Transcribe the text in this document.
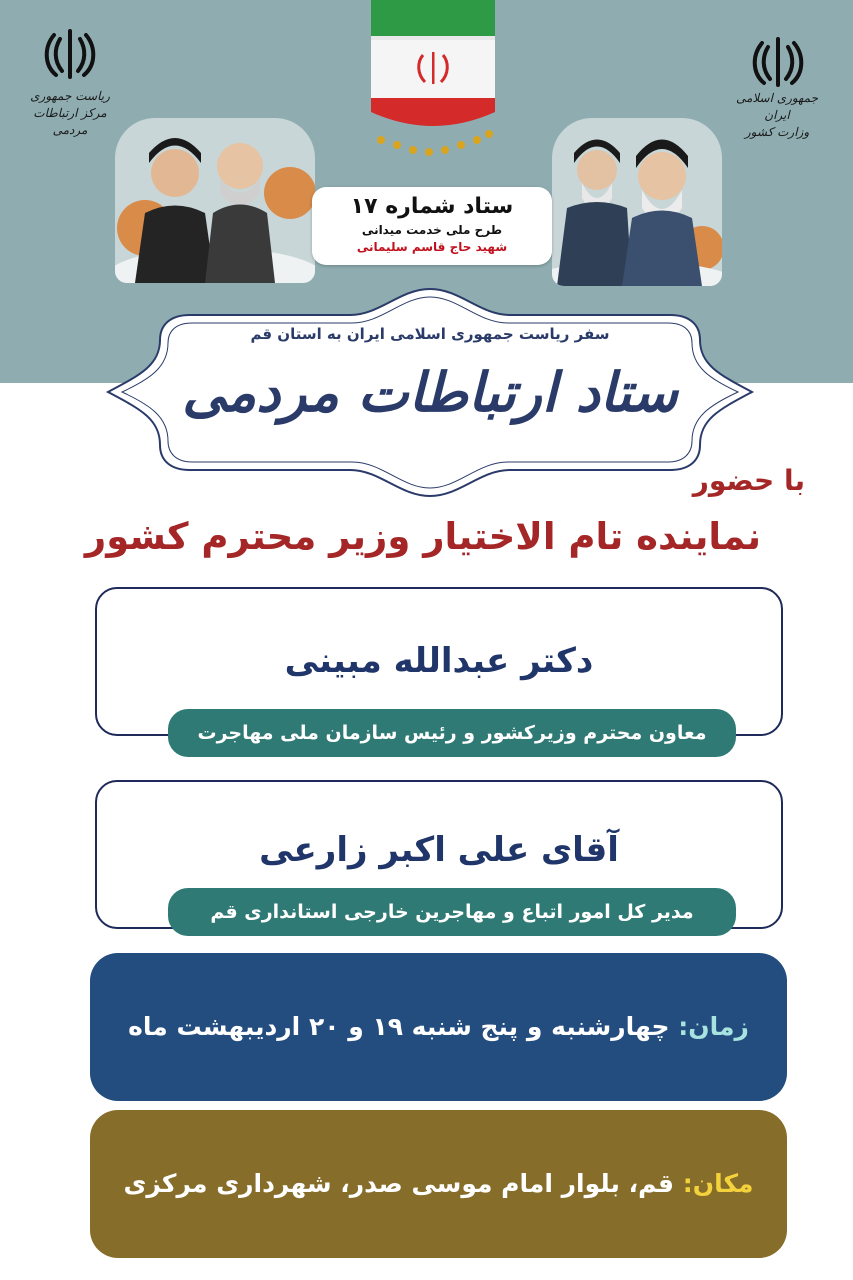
ریاست جمهوری
مرکز ارتباطات مردمی
جمهوری اسلامی ایران
وزارت کشور
ستاد شماره ۱۷
طرح ملی خدمت میدانی
شهید حاج قاسم سلیمانی
سفر ریاست جمهوری اسلامی ایران به استان قم
ستاد ارتباطات مردمی
با حضور
نماینده تام الاختیار وزیر محترم کشور
دکتر عبدالله مبینی
معاون محترم وزیرکشور و رئیس سازمان ملی مهاجرت
آقای علی اکبر زارعی
مدیر کل امور اتباع و مهاجرین خارجی استانداری قم
زمان: چهارشنبه و پنج شنبه ۱۹ و ۲۰ اردیبهشت ماه
مکان: قم، بلوار امام موسی صدر، شهرداری مرکزی
